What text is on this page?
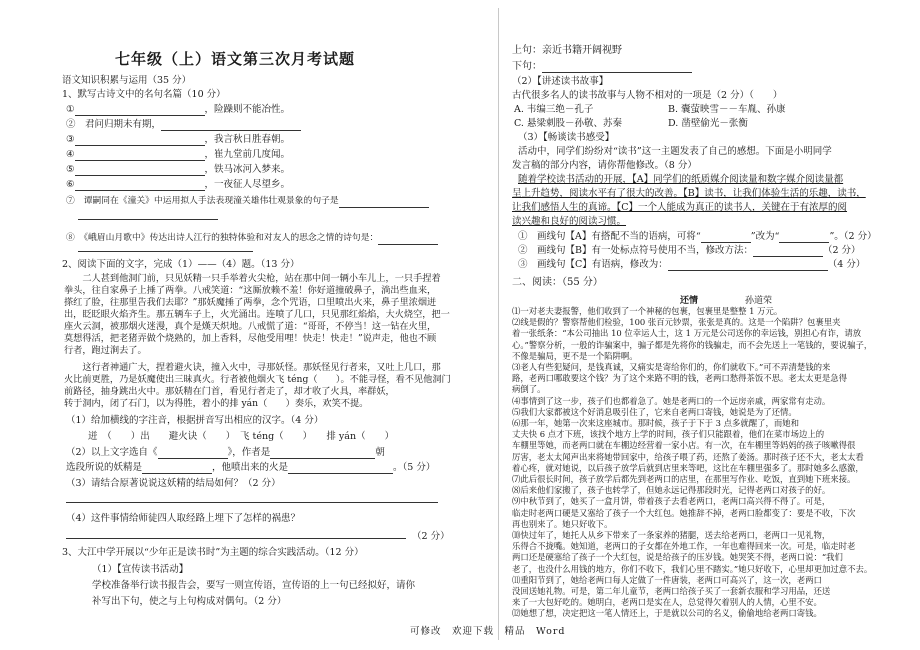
七年级（上）语文第三次月考试题
语文知识积累与运用（35 分）
1、默写古诗文中的名句名篇（10 分）
①	，险躁则不能冶性。
②　君问归期未有期，
③	，我言秋日胜春朝。
④	，崔九堂前几度闻。
⑤	，铁马冰河入梦来。
⑥	，一夜征人尽望乡。
⑦　谭嗣同在《潼关》中运用拟人手法表现潼关雄伟壮观景象的句子是
⑧　《峨眉山月歌中》传达出诗人江行的独特体验和对友人的思念之情的诗句是：
2、阅读下面的文字，完成（1）——（4）题。（13 分）
　　二人甚到他洞门前，只见妖精一只手举着火尖枪，站在那中间一辆小车儿上，一只手捏着
拳头，往自家鼻子上捶了两拳。八戒笑道：“这厮放赖不羞！你好道撞破鼻子，淌出些血来，
搽红了脸，往那里告我们去耶？”那妖魔捶了两拳，念个咒语，口里喷出火来，鼻子里浓烟迸
出，眨眨眼火焰齐生。那五辆车子上，火光涌出。连喷了几口，只见那红焰焰，大火烧空，把一
座火云洞，被那烟火迷漫，真个是熯天炽地。八戒慌了道：“哥哥，不停当！这一钻在火里，
莫想得活，把老猪弄做个烧熟的，加上香料，尽他受用哩！快走！快走！”说声走，他也不顾
行者，跑过涧去了。
　　这行者神通广大，捏着避火诀，撞入火中，寻那妖怪。那妖怪见行者来，又吐上几口，那
火比前更胜，乃是妖魔使出三昧真火。行者被他烟火飞 téng（　　）。不能寻怪，看不见他洞门
前路径，抽身跳出火中。那妖精在门首，看见行者走了，却才收了火具，率群妖，
转于洞内，闭了石门，以为得胜，着小的排 yán（　　）奏乐，欢笑不提。
（1）给加横线的字注音，根据拼音写出相应的汉字。（4 分）
迸　（　　）出　　避火诀（　　）　飞 téng（　　）　　排 yán（　　）
（2）以上文字选自《	》，作者是	朝
选段所说的妖精是	，他喷出来的火是	。（5 分）
（3）请结合原著说说这妖精的结局如何？（2 分）
（4）这件事情给师徒四人取经路上埋下了怎样的祸患？
（2 分）
3、大江中学开展以“少年正是读书时”为主题的综合实践活动。（12 分）
（1）【宣传读书活动】
学校准备举行读书报告会，要写一则宣传语，宣传语的上一句已经拟好，请你
补写出下句，使之与上句构成对偶句。（2 分）
上句：亲近书籍开阔视野
下句：
（2）【讲述读书故事】
古代很多名人的读书故事与人物不相对的一项是（2 分）（　　）
A. 韦编三绝－孔子	B. 囊萤映雪－－车胤、孙康
C. 悬梁刺股－孙敬、苏秦	D. 凿壁偷光－张衡
（3）【畅谈读书感受】
活动中，同学们纷纷对“读书”这一主题发表了自己的感想。下面是小明同学
发言稿的部分内容，请你帮他修改。（8 分）
随着学校读书活动的开展，【A】同学们的纸质媒介阅读量和数字媒介阅读量都
呈上升趋势，阅读水平有了很大的改善。【B】读书，让我们体验生活的乐趣，读书，
让我们感悟人生的真谛。【C】一个人能成为真正的读书人，关键在于有浓厚的阅
读兴趣和良好的阅读习惯。
①　画线句【A】有搭配不当的语病，可将“	”改为“	”。（2 分）
②　画线句【B】有一处标点符号使用不当，修改方法：	（2 分）
③　画线句【C】有语病，修改为：	（4 分）
二、阅读：（55 分）
还情	孙道荣
⑴一对老夫妻报警，他们收到了一个神秘的包裹，包裹里是整整 1 万元。
⑵线是假的？警察帮他们检验，100 张百元钞票，张张是真的。这是一个陷阱？包裹里夹
着一张纸条：“本公司抽出 10 位幸运人士，这 1 万元是公司送你的幸运钱，别担心有诈，请放
心。”警察分析，一般的诈骗案中，骗子都是先将你的钱骗走，而不会先送上一笔钱的，要说骗子，
不像是骗局，更不是一个陷阱啊。
⑶老人有些犯疑问，是钱真诚，又痛实是寄给你们的，你们就收下。”可不弄清楚钱的来
路，老两口哪敢要这个钱？为了这个来路不明的钱，老两口愁得茶饭不思。老太太更是急得
病倒了。
⑷事情到了这一步，孩子们也都着急了。她是老两口的一个远房亲戚，两家常有走动。
⑸我们大家都被这个好消息吸引住了，它来自老两口寄钱，她说是为了还情。
⑹那一年，她第一次来这座城市。那时候，孩子于下于 3 点多就醒了，而她和
丈夫快 6 点才下班，该找个地方上学的时间，孩子们只能跟着，他们在菜市场边上的
车棚里等她，而老两口就在车棚边经营着一家小店。有一次，在车棚里等妈妈的孩子咳嗽得很
厉害，老太太闻声出来将她带回家中，给孩子喂了药，还熬了姜汤。那时孩子还不大，老太太看
着心疼，就对她说，以后孩子放学后就到店里来等吧，这比在车棚里强多了。那时她多么感激，
⑺此后很长时间，孩子放学后都先到老两口的店里，在那里写作业、吃饭，直到她下班来接。
⑻后来他们家搬了，孩子也转学了，但她永远记得那段时光，记得老两口对孩子的好。
⑼中秋节到了，她买了一盒月饼，带着孩子去看老两口，老两口高兴得不得了。可是，
临走时老两口硬是又塞给了孩子一个大红包。她推辞不掉，老两口脸都变了：要是不收，下次
再也别来了。她只好收下。
⑽快过年了，她托人从乡下带来了一条家养的猪腿，送去给老两口，老两口一见礼物，
乐得合不拢嘴。她知道，老两口的子女都在外地工作，一年也难得回来一次。可是，临走时老
两口还是硬塞给了孩子一个大红包，说是给孩子的压岁钱。她哭笑不得，老两口说：“我们
老了，也没什么用钱的地方，你们不收下，我们心里不踏实。”她只好收下，心里却更加过意不去。
⑾重阳节到了，她给老两口每人定做了一件唐装，老两口可高兴了，这一次，老两口
没回送她礼物。可是，第二年儿童节，老两口给孩子买了一套新衣服和学习用品，还送
来了一大包好吃的。她明白，老两口是实在人，总觉得欠着别人的人情，心里不安。
⑿她想了想，决定把这一笔人情还上，于是就以公司的名义，偷偷地给老两口寄钱。
可修改　欢迎下载　精品　Word
